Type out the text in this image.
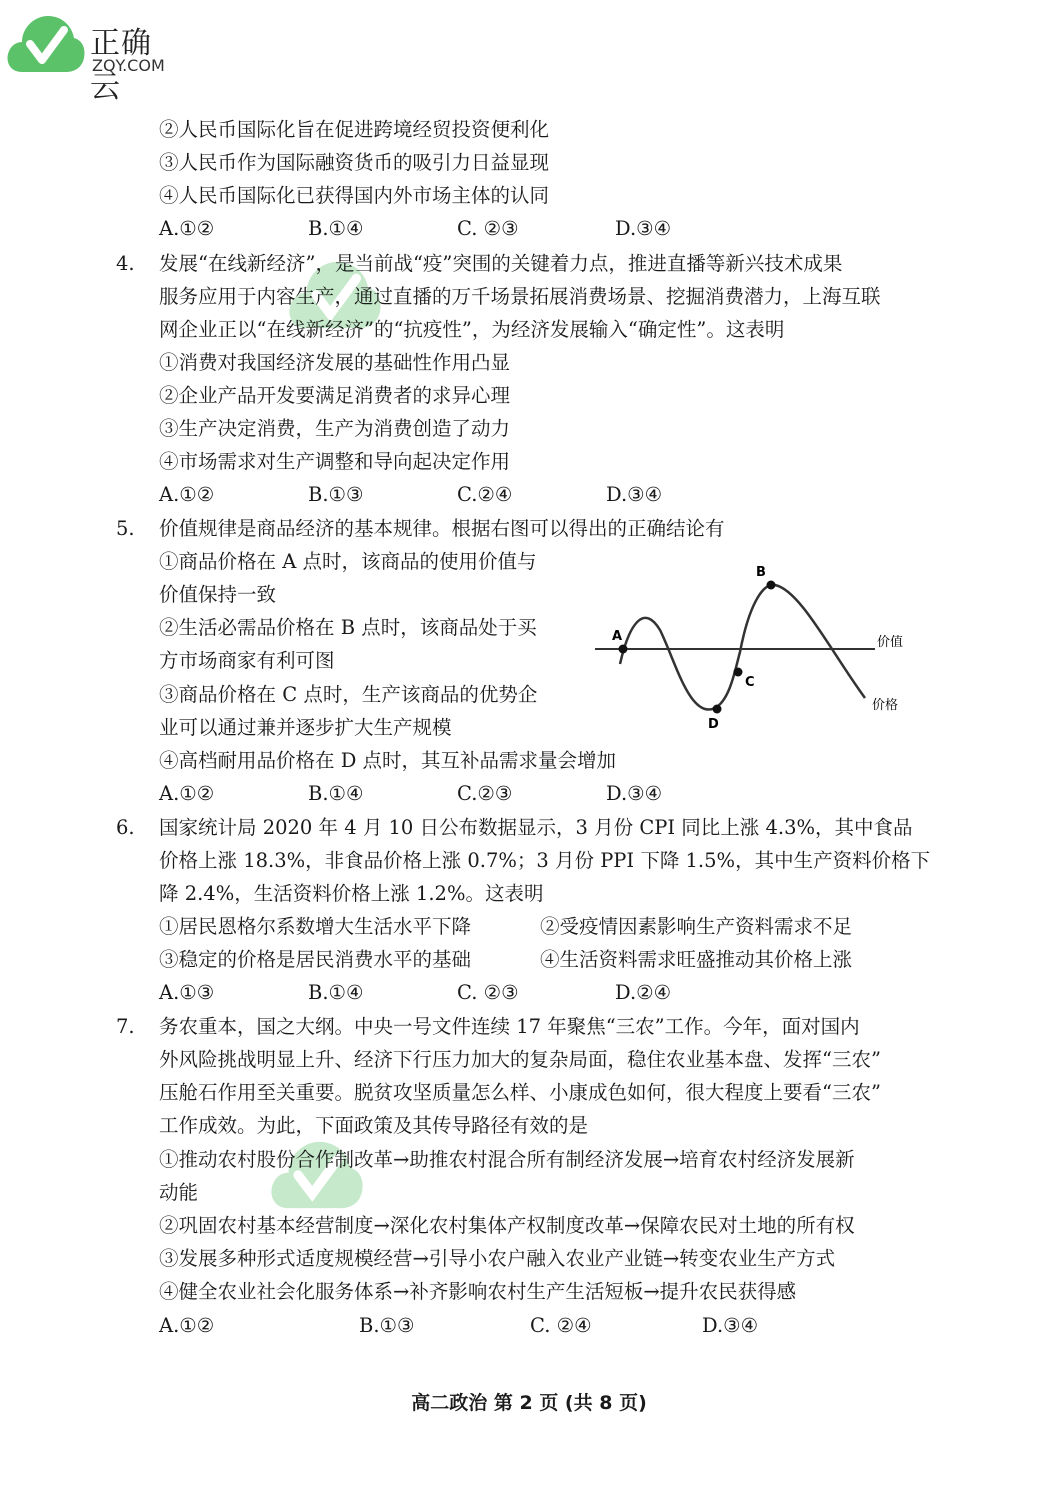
正确云
ZQY.COM
②人民币国际化旨在促进跨境经贸投资便利化
③人民币作为国际融资货币的吸引力日益显现
④人民币国际化已获得国内外市场主体的认同
A.①②	B.①④	C. ②③	D.③④
4. 发展“在线新经济”，是当前战“疫”突围的关键着力点，推进直播等新兴技术成果
服务应用于内容生产，通过直播的万千场景拓展消费场景、挖掘消费潜力，上海互联
网企业正以“在线新经济”的“抗疫性”，为经济发展输入“确定性”。这表明
①消费对我国经济发展的基础性作用凸显
②企业产品开发要满足消费者的求异心理
③生产决定消费，生产为消费创造了动力
④市场需求对生产调整和导向起决定作用
A.①②	B.①③	C.②④	D.③④
5. 价值规律是商品经济的基本规律。根据右图可以得出的正确结论有
①商品价格在 A 点时，该商品的使用价值与
价值保持一致
②生活必需品价格在 B 点时，该商品处于买
方市场商家有利可图
③商品价格在 C 点时，生产该商品的优势企
业可以通过兼并逐步扩大生产规模
④高档耐用品价格在 D 点时，其互补品需求量会增加
A.①②	B.①④	C.②③	D.③④
A
B
C
D
价值
价格
6. 国家统计局 2020 年 4 月 10 日公布数据显示，3 月份 CPI 同比上涨 4.3%，其中食品
价格上涨 18.3%，非食品价格上涨 0.7%；3 月份 PPI 下降 1.5%，其中生产资料价格下
降 2.4%，生活资料价格上涨 1.2%。这表明
①居民恩格尔系数增大生活水平下降	②受疫情因素影响生产资料需求不足
③稳定的价格是居民消费水平的基础	④生活资料需求旺盛推动其价格上涨
A.①③	B.①④	C. ②③	D.②④
7. 务农重本，国之大纲。中央一号文件连续 17 年聚焦“三农”工作。今年，面对国内
外风险挑战明显上升、经济下行压力加大的复杂局面，稳住农业基本盘、发挥“三农”
压舱石作用至关重要。脱贫攻坚质量怎么样、小康成色如何，很大程度上要看“三农”
工作成效。为此，下面政策及其传导路径有效的是
①推动农村股份合作制改革→助推农村混合所有制经济发展→培育农村经济发展新
动能
②巩固农村基本经营制度→深化农村集体产权制度改革→保障农民对土地的所有权
③发展多种形式适度规模经营→引导小农户融入农业产业链→转变农业生产方式
④健全农业社会化服务体系→补齐影响农村生产生活短板→提升农民获得感
A.①②	B.①③	C. ②④	D.③④
高二政治 第 2 页 (共 8 页)
